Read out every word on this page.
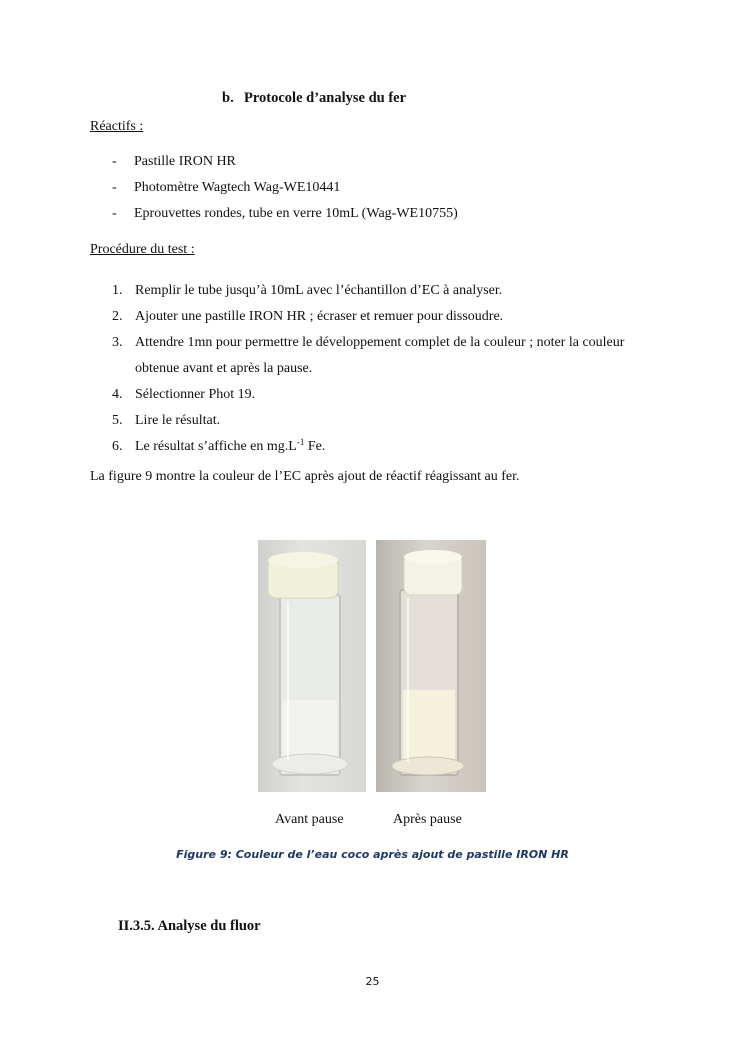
b. Protocole d’analyse du fer
Réactifs :
- Pastille IRON HR
- Photomètre Wagtech Wag-WE10441
- Eprouvettes rondes, tube en verre 10mL (Wag-WE10755)
Procédure du test :
1. Remplir le tube jusqu’à 10mL avec l’échantillon d’EC à analyser.
2. Ajouter une pastille IRON HR ; écraser et remuer pour dissoudre.
3. Attendre 1mn pour permettre le développement complet de la couleur ; noter la couleur obtenue avant et après la pause.
4. Sélectionner Phot 19.
5. Lire le résultat.
6. Le résultat s’affiche en $mg.L^{-1}$ Fe.
La figure 9 montre la couleur de l’EC après ajout de réactif réagissant au fer.
Avant pause	Après pause
Figure 9: Couleur de l’eau coco après ajout de pastille IRON HR
II.3.5. Analyse du fluor
25
